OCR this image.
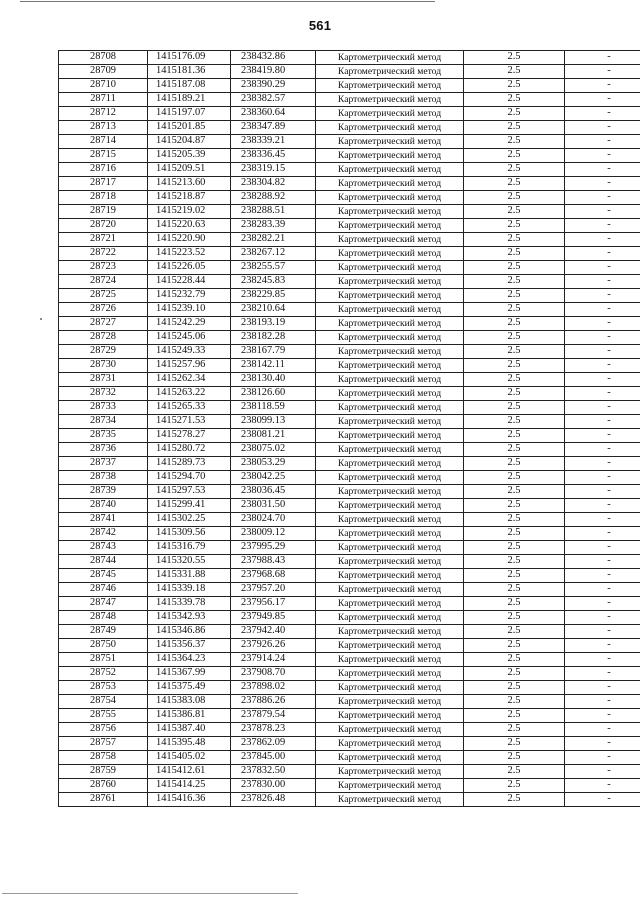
561
28708	1415176.09	238432.86	Картометрический метод	2.5	-
28709	1415181.36	238419.80	Картометрический метод	2.5	-
28710	1415187.08	238390.29	Картометрический метод	2.5	-
28711	1415189.21	238382.57	Картометрический метод	2.5	-
28712	1415197.07	238360.64	Картометрический метод	2.5	-
28713	1415201.85	238347.89	Картометрический метод	2.5	-
28714	1415204.87	238339.21	Картометрический метод	2.5	-
28715	1415205.39	238336.45	Картометрический метод	2.5	-
28716	1415209.51	238319.15	Картометрический метод	2.5	-
28717	1415213.60	238304.82	Картометрический метод	2.5	-
28718	1415218.87	238288.92	Картометрический метод	2.5	-
28719	1415219.02	238288.51	Картометрический метод	2.5	-
28720	1415220.63	238283.39	Картометрический метод	2.5	-
28721	1415220.90	238282.21	Картометрический метод	2.5	-
28722	1415223.52	238267.12	Картометрический метод	2.5	-
28723	1415226.05	238255.57	Картометрический метод	2.5	-
28724	1415228.44	238245.83	Картометрический метод	2.5	-
28725	1415232.79	238229.85	Картометрический метод	2.5	-
28726	1415239.10	238210.64	Картометрический метод	2.5	-
28727	1415242.29	238193.19	Картометрический метод	2.5	-
28728	1415245.06	238182.28	Картометрический метод	2.5	-
28729	1415249.33	238167.79	Картометрический метод	2.5	-
28730	1415257.96	238142.11	Картометрический метод	2.5	-
28731	1415262.34	238130.40	Картометрический метод	2.5	-
28732	1415263.22	238126.60	Картометрический метод	2.5	-
28733	1415265.33	238118.59	Картометрический метод	2.5	-
28734	1415271.53	238099.13	Картометрический метод	2.5	-
28735	1415278.27	238081.21	Картометрический метод	2.5	-
28736	1415280.72	238075.02	Картометрический метод	2.5	-
28737	1415289.73	238053.29	Картометрический метод	2.5	-
28738	1415294.70	238042.25	Картометрический метод	2.5	-
28739	1415297.53	238036.45	Картометрический метод	2.5	-
28740	1415299.41	238031.50	Картометрический метод	2.5	-
28741	1415302.25	238024.70	Картометрический метод	2.5	-
28742	1415309.56	238009.12	Картометрический метод	2.5	-
28743	1415316.79	237995.29	Картометрический метод	2.5	-
28744	1415320.55	237988.43	Картометрический метод	2.5	-
28745	1415331.88	237968.68	Картометрический метод	2.5	-
28746	1415339.18	237957.20	Картометрический метод	2.5	-
28747	1415339.78	237956.17	Картометрический метод	2.5	-
28748	1415342.93	237949.85	Картометрический метод	2.5	-
28749	1415346.86	237942.40	Картометрический метод	2.5	-
28750	1415356.37	237926.26	Картометрический метод	2.5	-
28751	1415364.23	237914.24	Картометрический метод	2.5	-
28752	1415367.99	237908.70	Картометрический метод	2.5	-
28753	1415375.49	237898.02	Картометрический метод	2.5	-
28754	1415383.08	237886.26	Картометрический метод	2.5	-
28755	1415386.81	237879.54	Картометрический метод	2.5	-
28756	1415387.40	237878.23	Картометрический метод	2.5	-
28757	1415395.48	237862.09	Картометрический метод	2.5	-
28758	1415405.02	237845.00	Картометрический метод	2.5	-
28759	1415412.61	237832.50	Картометрический метод	2.5	-
28760	1415414.25	237830.00	Картометрический метод	2.5	-
28761	1415416.36	237826.48	Картометрический метод	2.5	-
